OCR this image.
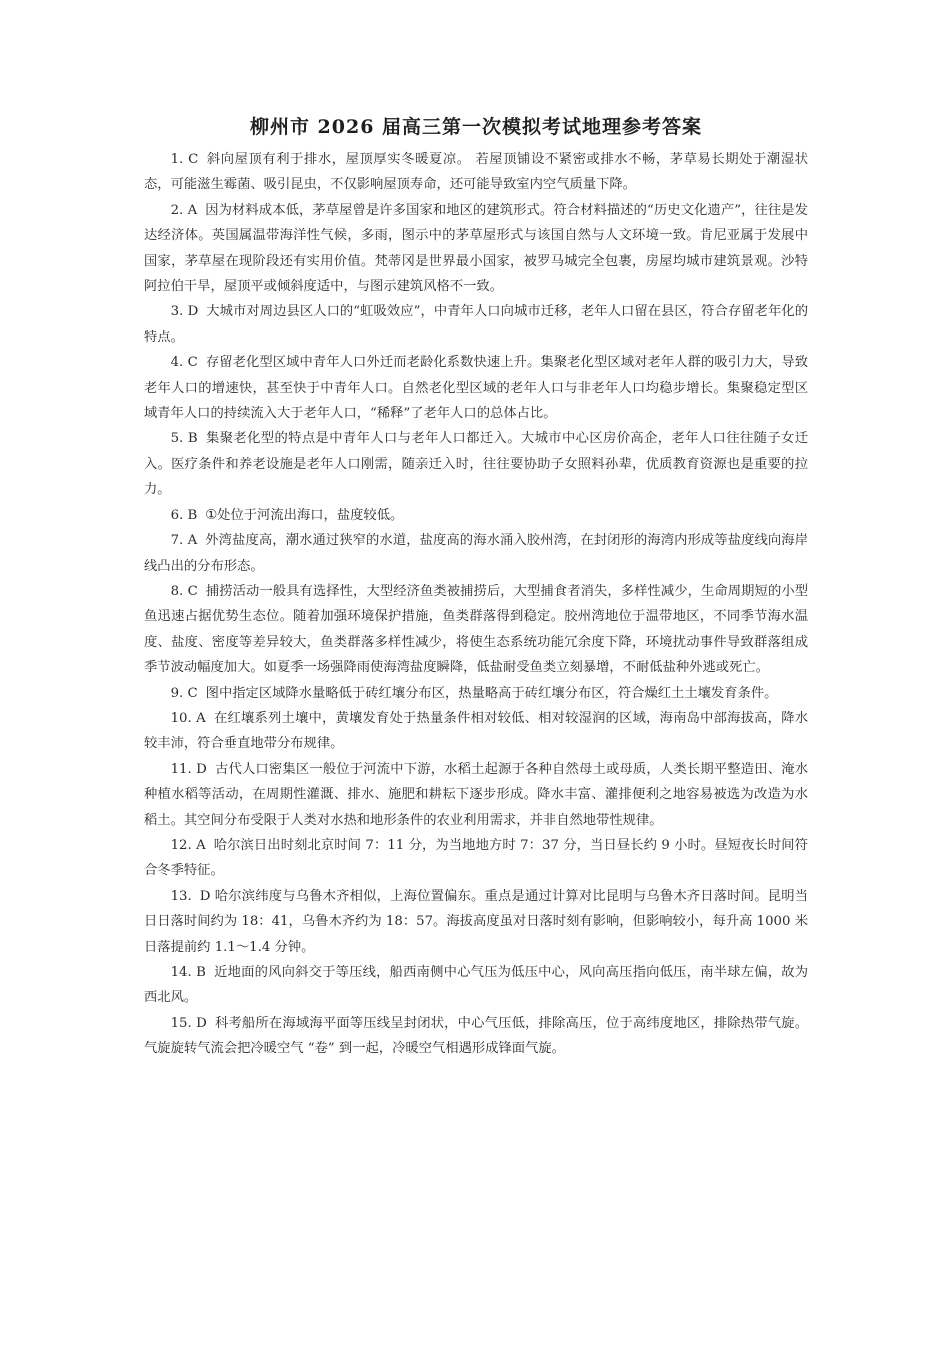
柳州市 2026 届高三第一次模拟考试地理参考答案

1. C 斜向屋顶有利于排水，屋顶厚实冬暖夏凉。 若屋顶铺设不紧密或排水不畅，茅草易长期处于潮湿状态，可能滋生霉菌、吸引昆虫，不仅影响屋顶寿命，还可能导致室内空气质量下降。

2. A 因为材料成本低，茅草屋曾是许多国家和地区的建筑形式。符合材料描述的“历史文化遗产”，往往是发达经济体。英国属温带海洋性气候，多雨，图示中的茅草屋形式与该国自然与人文环境一致。肯尼亚属于发展中国家，茅草屋在现阶段还有实用价值。梵蒂冈是世界最小国家，被罗马城完全包裹，房屋均城市建筑景观。沙特阿拉伯干旱，屋顶平或倾斜度适中，与图示建筑风格不一致。

3. D 大城市对周边县区人口的“虹吸效应”，中青年人口向城市迁移，老年人口留在县区，符合存留老年化的特点。

4. C 存留老化型区域中青年人口外迁而老龄化系数快速上升。集聚老化型区域对老年人群的吸引力大，导致老年人口的增速快，甚至快于中青年人口。自然老化型区域的老年人口与非老年人口均稳步增长。集聚稳定型区域青年人口的持续流入大于老年人口，“稀释”了老年人口的总体占比。

5. B 集聚老化型的特点是中青年人口与老年人口都迁入。大城市中心区房价高企，老年人口往往随子女迁入。医疗条件和养老设施是老年人口刚需，随亲迁入时，往往要协助子女照料孙辈，优质教育资源也是重要的拉力。

6. B ①处位于河流出海口，盐度较低。

7. A 外湾盐度高，潮水通过狭窄的水道，盐度高的海水涌入胶州湾，在封闭形的海湾内形成等盐度线向海岸线凸出的分布形态。

8. C 捕捞活动一般具有选择性，大型经济鱼类被捕捞后，大型捕食者消失，多样性减少，生命周期短的小型鱼迅速占据优势生态位。随着加强环境保护措施，鱼类群落得到稳定。胶州湾地位于温带地区，不同季节海水温度、盐度、密度等差异较大，鱼类群落多样性减少，将使生态系统功能冗余度下降，环境扰动事件导致群落组成季节波动幅度加大。如夏季一场强降雨使海湾盐度瞬降，低盐耐受鱼类立刻暴增，不耐低盐种外逃或死亡。

9. C 图中指定区域降水量略低于砖红壤分布区，热量略高于砖红壤分布区，符合燥红土土壤发育条件。

10. A 在红壤系列土壤中，黄壤发育处于热量条件相对较低、相对较湿润的区域，海南岛中部海拔高，降水较丰沛，符合垂直地带分布规律。

11. D 古代人口密集区一般位于河流中下游，水稻土起源于各种自然母土或母质，人类长期平整造田、淹水种植水稻等活动，在周期性灌溉、排水、施肥和耕耘下逐步形成。降水丰富、灌排便利之地容易被选为改造为水稻土。其空间分布受限于人类对水热和地形条件的农业利用需求，并非自然地带性规律。

12. A 哈尔滨日出时刻北京时间 7：11 分，为当地地方时 7：37 分，当日昼长约 9 小时。昼短夜长时间符合冬季特征。

13. D 哈尔滨纬度与乌鲁木齐相似，上海位置偏东。重点是通过计算对比昆明与乌鲁木齐日落时间。昆明当日日落时间约为 18：41，乌鲁木齐约为 18：57。海拔高度虽对日落时刻有影响，但影响较小，每升高 1000 米日落提前约 1.1～1.4 分钟。

14. B 近地面的风向斜交于等压线，船西南侧中心气压为低压中心，风向高压指向低压，南半球左偏，故为西北风。

15. D 科考船所在海域海平面等压线呈封闭状，中心气压低，排除高压，位于高纬度地区，排除热带气旋。气旋旋转气流会把冷暖空气 “卷” 到一起，冷暖空气相遇形成锋面气旋。
